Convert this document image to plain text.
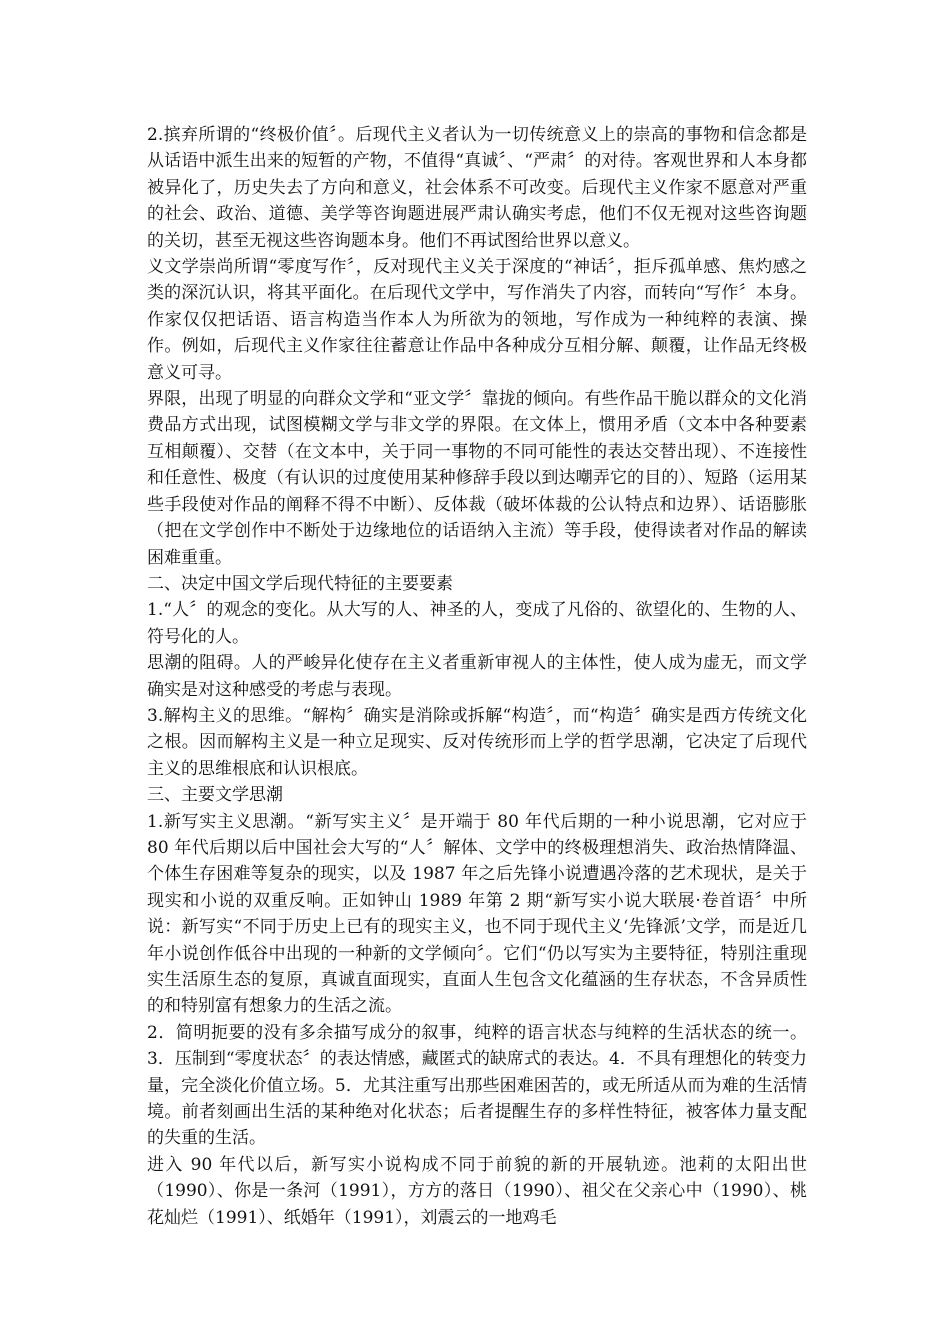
2.摈弃所谓的“终极价值〞。后现代主义者认为一切传统意义上的崇高的事物和信念都是从话语中派生出来的短暂的产物，不值得“真诚〞、“严肃〞的对待。客观世界和人本身都被异化了，历史失去了方向和意义，社会体系不可改变。后现代主义作家不愿意对严重的社会、政治、道德、美学等咨询题进展严肃认确实考虑，他们不仅无视对这些咨询题的关切，甚至无视这些咨询题本身。他们不再试图给世界以意义。

义文学崇尚所谓“零度写作〞，反对现代主义关于深度的“神话〞，拒斥孤单感、焦灼感之类的深沉认识，将其平面化。在后现代文学中，写作消失了内容，而转向“写作〞本身。作家仅仅把话语、语言构造当作本人为所欲为的领地，写作成为一种纯粹的表演、操作。例如，后现代主义作家往往蓄意让作品中各种成分互相分解、颠覆，让作品无终极意义可寻。

界限，出现了明显的向群众文学和“亚文学〞靠拢的倾向。有些作品干脆以群众的文化消费品方式出现，试图模糊文学与非文学的界限。在文体上，惯用矛盾（文本中各种要素互相颠覆）、交替（在文本中，关于同一事物的不同可能性的表达交替出现）、不连接性和任意性、极度（有认识的过度使用某种修辞手段以到达嘲弄它的目的）、短路（运用某些手段使对作品的阐释不得不中断）、反体裁（破坏体裁的公认特点和边界）、话语膨胀（把在文学创作中不断处于边缘地位的话语纳入主流）等手段，使得读者对作品的解读困难重重。

二、决定中国文学后现代特征的主要要素

1.“人〞的观念的变化。从大写的人、神圣的人，变成了凡俗的、欲望化的、生物的人、符号化的人。

思潮的阻碍。人的严峻异化使存在主义者重新审视人的主体性，使人成为虚无，而文学确实是对这种感受的考虑与表现。

3.解构主义的思维。“解构〞确实是消除或拆解“构造〞，而“构造〞确实是西方传统文化之根。因而解构主义是一种立足现实、反对传统形而上学的哲学思潮，它决定了后现代主义的思维根底和认识根底。

三、主要文学思潮

1.新写实主义思潮。“新写实主义〞是开端于 80 年代后期的一种小说思潮，它对应于 80 年代后期以后中国社会大写的“人〞解体、文学中的终极理想消失、政治热情降温、个体生存困难等复杂的现实，以及 1987 年之后先锋小说遭遇冷落的艺术现状，是关于现实和小说的双重反响。正如钟山 1989 年第 2 期“新写实小说大联展·卷首语〞中所说：新写实“不同于历史上已有的现实主义，也不同于现代主义‘先锋派’文学，而是近几年小说创作低谷中出现的一种新的文学倾向〞。它们“仍以写实为主要特征，特别注重现实生活原生态的复原，真诚直面现实，直面人生包含文化蕴涵的生存状态，不含异质性的和特别富有想象力的生活之流。

2．简明扼要的没有多余描写成分的叙事，纯粹的语言状态与纯粹的生活状态的统一。3．压制到“零度状态〞的表达情感，藏匿式的缺席式的表达。4．不具有理想化的转变力量，完全淡化价值立场。5．尤其注重写出那些困难困苦的，或无所适从而为难的生活情境。前者刻画出生活的某种绝对化状态；后者提醒生存的多样性特征，被客体力量支配的失重的生活。

进入 90 年代以后，新写实小说构成不同于前貌的新的开展轨迹。池莉的太阳出世（1990）、你是一条河（1991），方方的落日（1990）、祖父在父亲心中（1990）、桃花灿烂（1991）、纸婚年（1991），刘震云的一地鸡毛
